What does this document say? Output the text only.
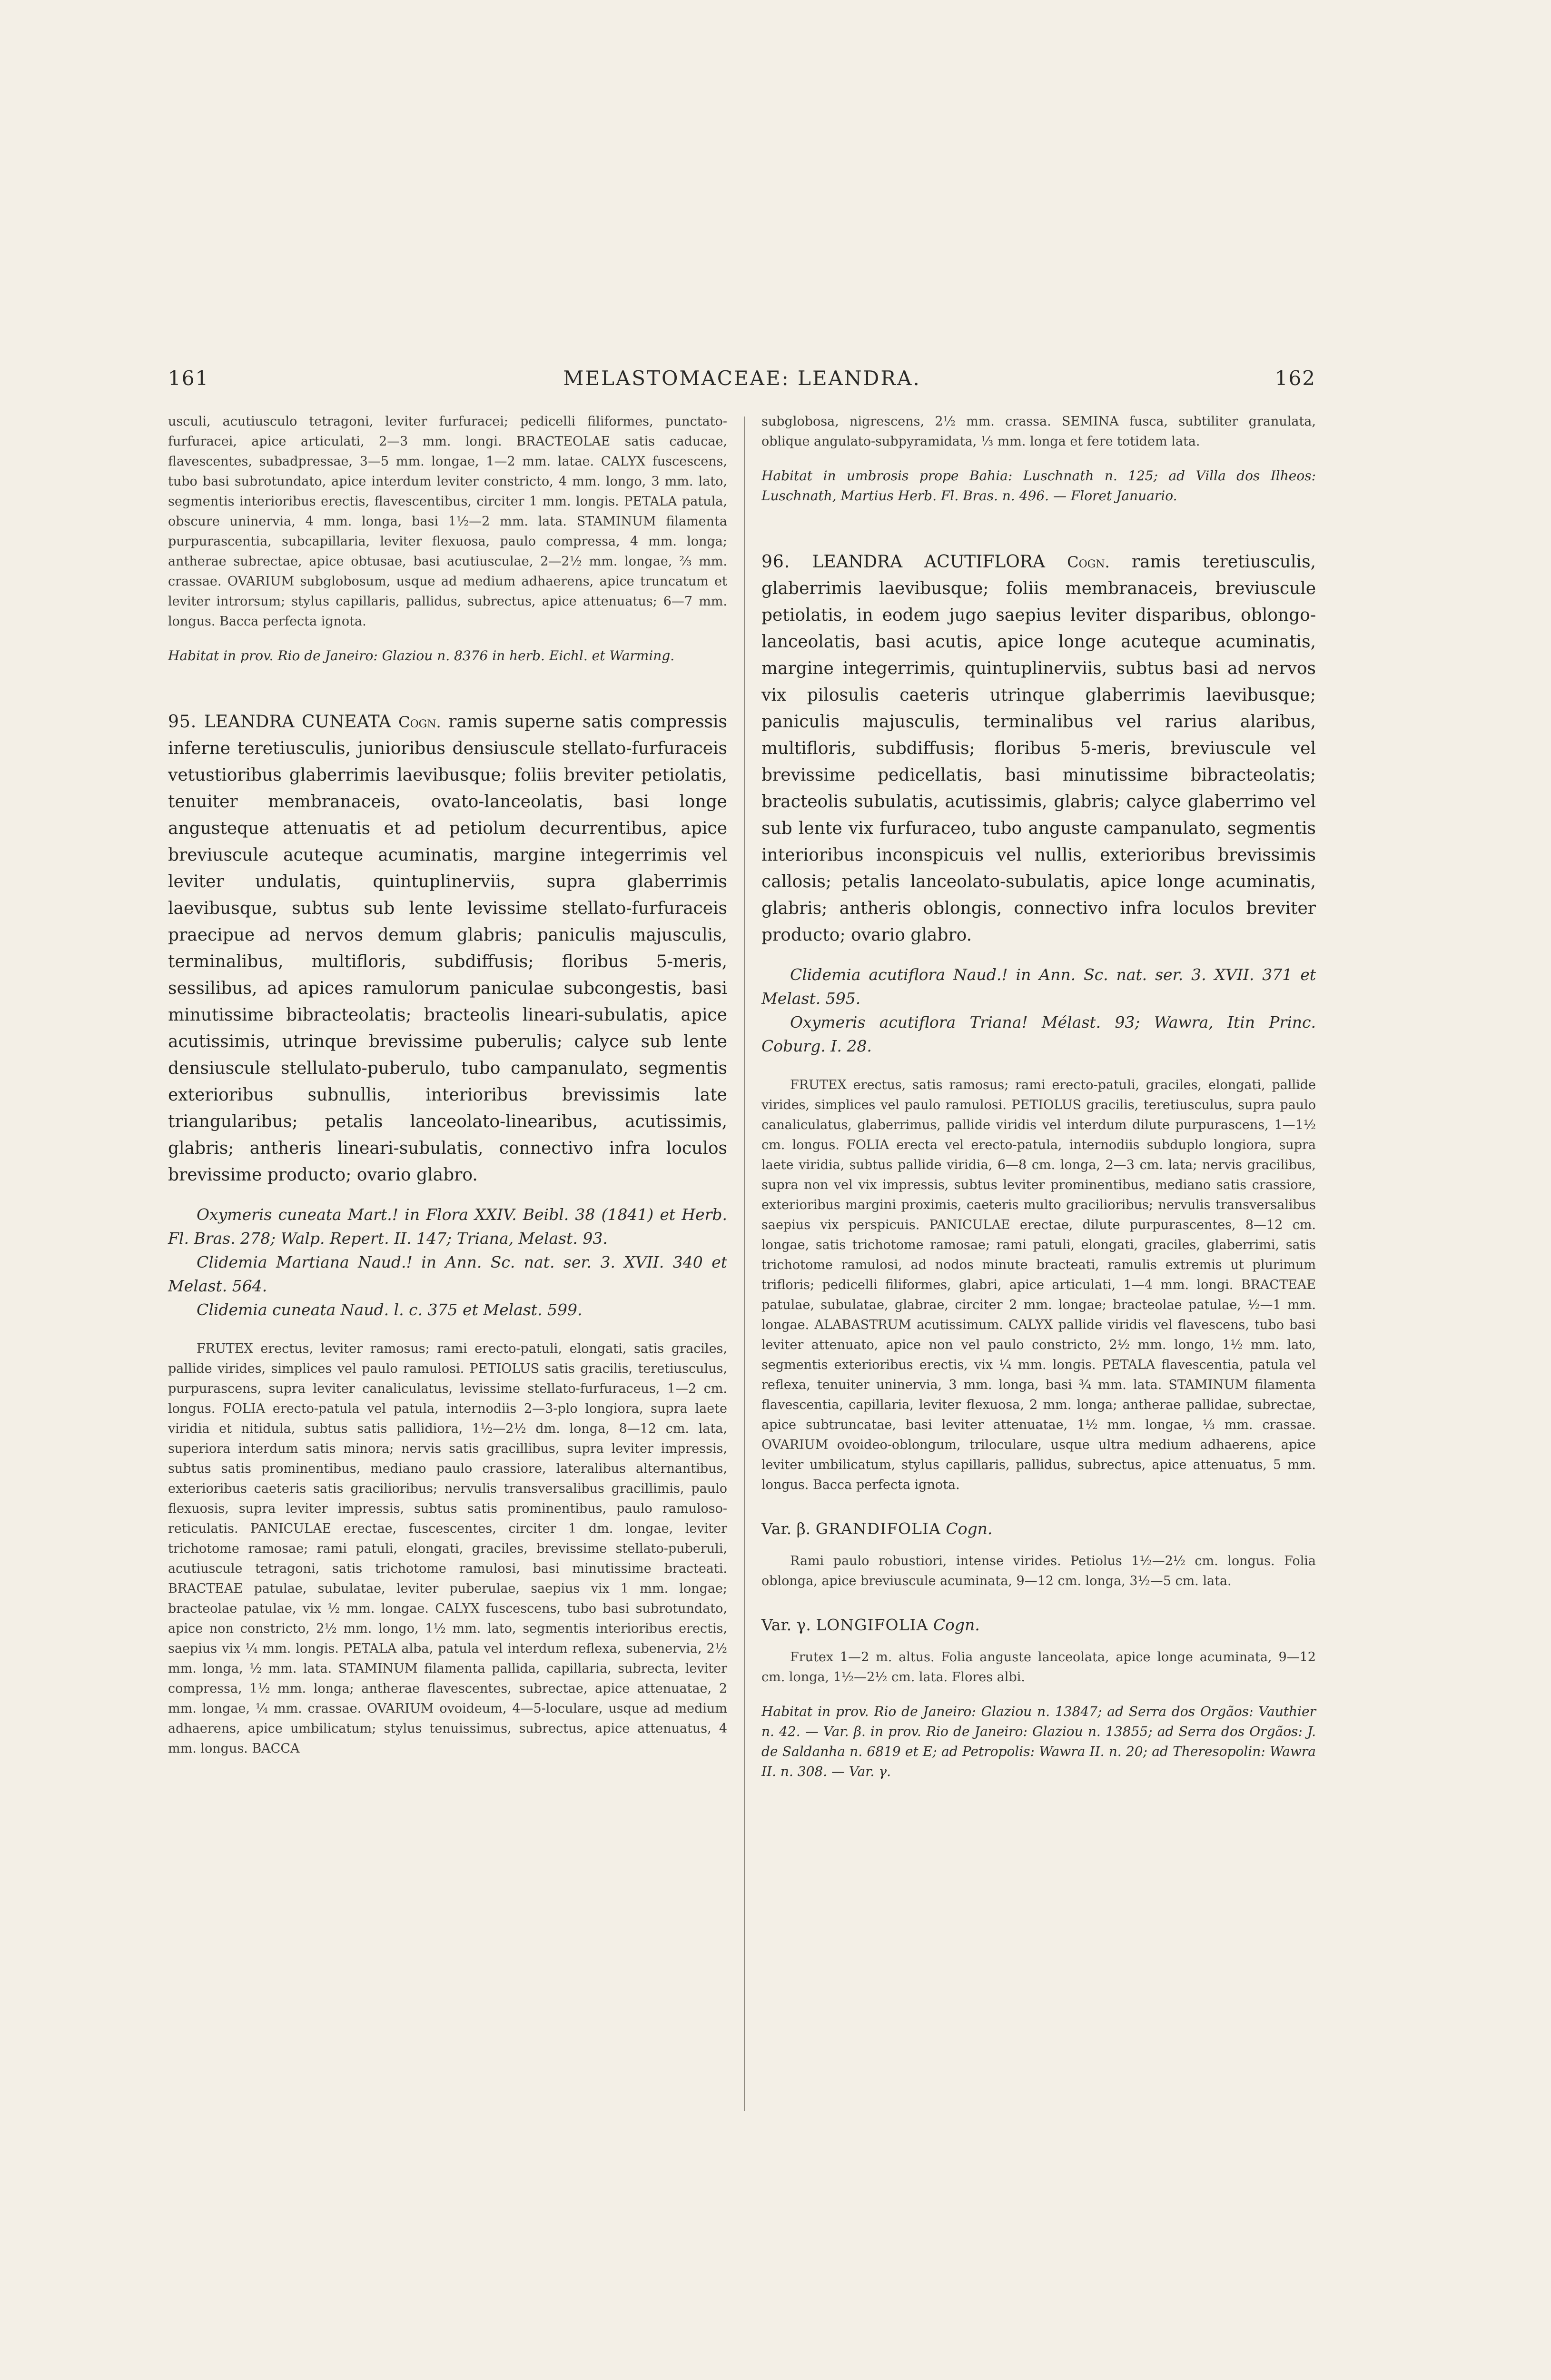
161	MELASTOMACEAE: LEANDRA.	162

usculi, acutiusculo tetragoni, leviter furfuracei; pedicelli filiformes, punctato-furfuracei, apice articulati, 2—3 mm. longi. BRACTEOLAE satis caducae, flavescentes, subadpressae, 3—5 mm. longae, 1—2 mm. latae. CALYX fuscescens, tubo basi subrotundato, apice interdum leviter constricto, 4 mm. longo, 3 mm. lato, segmentis interioribus erectis, flavescentibus, circiter 1 mm. longis. PETALA patula, obscure uninervia, 4 mm. longa, basi 1½—2 mm. lata. STAMINUM filamenta purpurascentia, subcapillaria, leviter flexuosa, paulo compressa, 4 mm. longa; antherae subrectae, apice obtusae, basi acutiusculae, 2—2½ mm. longae, ⅔ mm. crassae. OVARIUM subglobosum, usque ad medium adhaerens, apice truncatum et leviter introrsum; stylus capillaris, pallidus, subrectus, apice attenuatus; 6—7 mm. longus. Bacca perfecta ignota.

Habitat in prov. Rio de Janeiro: Glaziou n. 8376 in herb. Eichl. et Warming.

95. LEANDRA CUNEATA Cogn. ramis superne satis compressis inferne teretiusculis, junioribus densiuscule stellato-furfuraceis vetustioribus glaberrimis laevibusque; foliis breviter petiolatis, tenuiter membranaceis, ovato-lanceolatis, basi longe angusteque attenuatis et ad petiolum decurrentibus, apice breviuscule acuteque acuminatis, margine integerrimis vel leviter undulatis, quintuplinerviis, supra glaberrimis laevibusque, subtus sub lente levissime stellato-furfuraceis praecipue ad nervos demum glabris; paniculis majusculis, terminalibus, multifloris, subdiffusis; floribus 5-meris, sessilibus, ad apices ramulorum paniculae subcongestis, basi minutissime bibracteolatis; bracteolis lineari-subulatis, apice acutissimis, utrinque brevissime puberulis; calyce sub lente densiuscule stellulato-puberulo, tubo campanulato, segmentis exterioribus subnullis, interioribus brevissimis late triangularibus; petalis lanceolato-linearibus, acutissimis, glabris; antheris lineari-subulatis, connectivo infra loculos brevissime producto; ovario glabro.

Oxymeris cuneata Mart.! in Flora XXIV. Beibl. 38 (1841) et Herb. Fl. Bras. 278; Walp. Repert. II. 147; Triana, Melast. 93.

Clidemia Martiana Naud.! in Ann. Sc. nat. ser. 3. XVII. 340 et Melast. 564.

Clidemia cuneata Naud. l. c. 375 et Melast. 599.

FRUTEX erectus, leviter ramosus; rami erecto-patuli, elongati, satis graciles, pallide virides, simplices vel paulo ramulosi. PETIOLUS satis gracilis, teretiusculus, purpurascens, supra leviter canaliculatus, levissime stellato-furfuraceus, 1—2 cm. longus. FOLIA erecto-patula vel patula, internodiis 2—3-plo longiora, supra laete viridia et nitidula, subtus satis pallidiora, 1½—2½ dm. longa, 8—12 cm. lata, superiora interdum satis minora; nervis satis gracillibus, supra leviter impressis, subtus satis prominentibus, mediano paulo crassiore, lateralibus alternantibus, exterioribus caeteris satis gracilioribus; nervulis transversalibus gracillimis, paulo flexuosis, supra leviter impressis, subtus satis prominentibus, paulo ramuloso-reticulatis. PANICULAE erectae, fuscescentes, circiter 1 dm. longae, leviter trichotome ramosae; rami patuli, elongati, graciles, brevissime stellato-puberuli, acutiuscule tetragoni, satis trichotome ramulosi, basi minutissime bracteati. BRACTEAE patulae, subulatae, leviter puberulae, saepius vix 1 mm. longae; bracteolae patulae, vix ½ mm. longae. CALYX fuscescens, tubo basi subrotundato, apice non constricto, 2½ mm. longo, 1½ mm. lato, segmentis interioribus erectis, saepius vix ¼ mm. longis. PETALA alba, patula vel interdum reflexa, subenervia, 2½ mm. longa, ½ mm. lata. STAMINUM filamenta pallida, capillaria, subrecta, leviter compressa, 1½ mm. longa; antherae flavescentes, subrectae, apice attenuatae, 2 mm. longae, ¼ mm. crassae. OVARIUM ovoideum, 4—5-loculare, usque ad medium adhaerens, apice umbilicatum; stylus tenuissimus, subrectus, apice attenuatus, 4 mm. longus. BACCA

subglobosa, nigrescens, 2½ mm. crassa. SEMINA fusca, subtiliter granulata, oblique angulato-subpyramidata, ⅓ mm. longa et fere totidem lata.

Habitat in umbrosis prope Bahia: Luschnath n. 125; ad Villa dos Ilheos: Luschnath, Martius Herb. Fl. Bras. n. 496. — Floret Januario.

96. LEANDRA ACUTIFLORA Cogn. ramis teretiusculis, glaberrimis laevibusque; foliis membranaceis, breviuscule petiolatis, in eodem jugo saepius leviter disparibus, oblongo-lanceolatis, basi acutis, apice longe acuteque acuminatis, margine integerrimis, quintuplinerviis, subtus basi ad nervos vix pilosulis caeteris utrinque glaberrimis laevibusque; paniculis majusculis, terminalibus vel rarius alaribus, multifloris, subdiffusis; floribus 5-meris, breviuscule vel brevissime pedicellatis, basi minutissime bibracteolatis; bracteolis subulatis, acutissimis, glabris; calyce glaberrimo vel sub lente vix furfuraceo, tubo anguste campanulato, segmentis interioribus inconspicuis vel nullis, exterioribus brevissimis callosis; petalis lanceolato-subulatis, apice longe acuminatis, glabris; antheris oblongis, connectivo infra loculos breviter producto; ovario glabro.

Clidemia acutiflora Naud.! in Ann. Sc. nat. ser. 3. XVII. 371 et Melast. 595.

Oxymeris acutiflora Triana! Mélast. 93; Wawra, Itin Princ. Coburg. I. 28.

FRUTEX erectus, satis ramosus; rami erecto-patuli, graciles, elongati, pallide virides, simplices vel paulo ramulosi. PETIOLUS gracilis, teretiusculus, supra paulo canaliculatus, glaberrimus, pallide viridis vel interdum dilute purpurascens, 1—1½ cm. longus. FOLIA erecta vel erecto-patula, internodiis subduplo longiora, supra laete viridia, subtus pallide viridia, 6—8 cm. longa, 2—3 cm. lata; nervis gracilibus, supra non vel vix impressis, subtus leviter prominentibus, mediano satis crassiore, exterioribus margini proximis, caeteris multo gracilioribus; nervulis transversalibus saepius vix perspicuis. PANICULAE erectae, dilute purpurascentes, 8—12 cm. longae, satis trichotome ramosae; rami patuli, elongati, graciles, glaberrimi, satis trichotome ramulosi, ad nodos minute bracteati, ramulis extremis ut plurimum trifloris; pedicelli filiformes, glabri, apice articulati, 1—4 mm. longi. BRACTEAE patulae, subulatae, glabrae, circiter 2 mm. longae; bracteolae patulae, ½—1 mm. longae. ALABASTRUM acutissimum. CALYX pallide viridis vel flavescens, tubo basi leviter attenuato, apice non vel paulo constricto, 2½ mm. longo, 1½ mm. lato, segmentis exterioribus erectis, vix ¼ mm. longis. PETALA flavescentia, patula vel reflexa, tenuiter uninervia, 3 mm. longa, basi ¾ mm. lata. STAMINUM filamenta flavescentia, capillaria, leviter flexuosa, 2 mm. longa; antherae pallidae, subrectae, apice subtruncatae, basi leviter attenuatae, 1½ mm. longae, ⅓ mm. crassae. OVARIUM ovoideo-oblongum, triloculare, usque ultra medium adhaerens, apice leviter umbilicatum, stylus capillaris, pallidus, subrectus, apice attenuatus, 5 mm. longus. Bacca perfecta ignota.

Var. β. GRANDIFOLIA Cogn.

Rami paulo robustiori, intense virides. Petiolus 1½—2½ cm. longus. Folia oblonga, apice breviuscule acuminata, 9—12 cm. longa, 3½—5 cm. lata.

Var. γ. LONGIFOLIA Cogn.

Frutex 1—2 m. altus. Folia anguste lanceolata, apice longe acuminata, 9—12 cm. longa, 1½—2½ cm. lata. Flores albi.

Habitat in prov. Rio de Janeiro: Glaziou n. 13847; ad Serra dos Orgãos: Vauthier n. 42. — Var. β. in prov. Rio de Janeiro: Glaziou n. 13855; ad Serra dos Orgãos: J. de Saldanha n. 6819 et E; ad Petropolis: Wawra II. n. 20; ad Theresopolin: Wawra II. n. 308. — Var. γ.
